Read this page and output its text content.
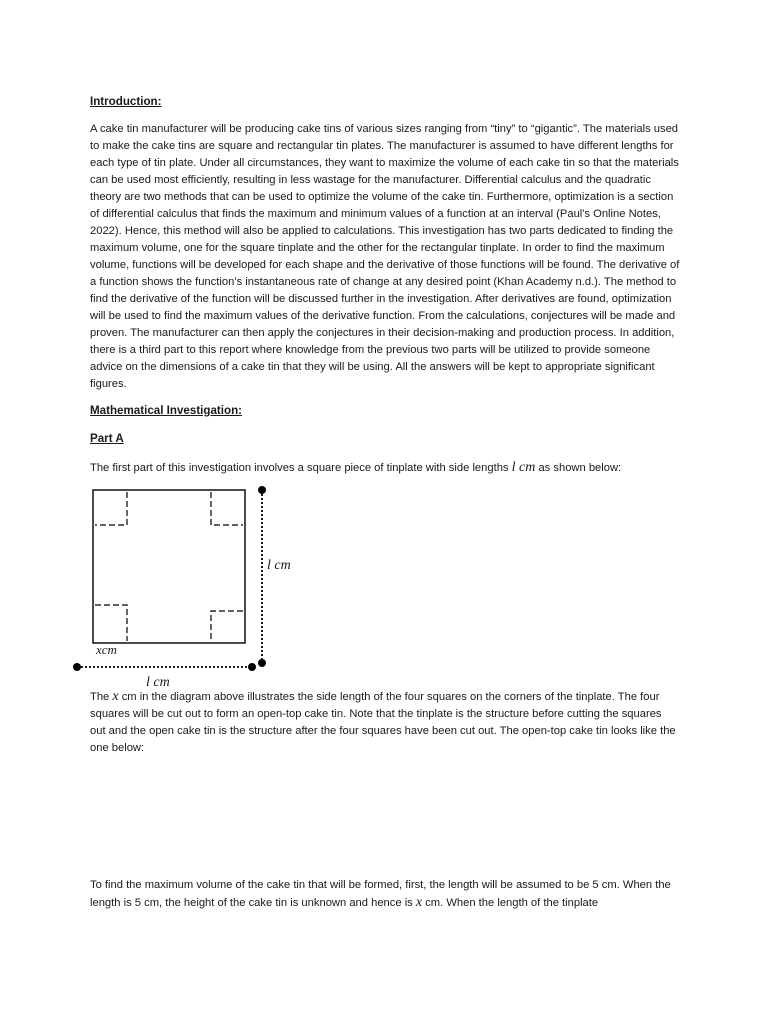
Introduction:

A cake tin manufacturer will be producing cake tins of various sizes ranging from “tiny” to “gigantic”. The materials used to make the cake tins are square and rectangular tin plates. The manufacturer is assumed to have different lengths for each type of tin plate. Under all circumstances, they want to maximize the volume of each cake tin so that the materials can be used most efficiently, resulting in less wastage for the manufacturer. Differential calculus and the quadratic theory are two methods that can be used to optimize the volume of the cake tin. Furthermore, optimization is a section of differential calculus that finds the maximum and minimum values of a function at an interval (Paul's Online Notes, 2022). Hence, this method will also be applied to calculations. This investigation has two parts dedicated to finding the maximum volume, one for the square tinplate and the other for the rectangular tinplate. In order to find the maximum volume, functions will be developed for each shape and the derivative of those functions will be found. The derivative of a function shows the function’s instantaneous rate of change at any desired point (Khan Academy n.d.). The method to find the derivative of the function will be discussed further in the investigation. After derivatives are found, optimization will be used to find the maximum values of the derivative function. From the calculations, conjectures will be made and proven. The manufacturer can then apply the conjectures in their decision-making and production process. In addition, there is a third part to this report where knowledge from the previous two parts will be utilized to provide someone advice on the dimensions of a cake tin that they will be using. All the answers will be kept to appropriate significant figures.

Mathematical Investigation:

Part A

The first part of this investigation involves a square piece of tinplate with side lengths l cm as shown below:

l cm
xcm
l cm

The x cm in the diagram above illustrates the side length of the four squares on the corners of the tinplate. The four squares will be cut out to form an open-top cake tin. Note that the tinplate is the structure before cutting the squares out and the open cake tin is the structure after the four squares have been cut out. The open-top cake tin looks like the one below:

To find the maximum volume of the cake tin that will be formed, first, the length will be assumed to be 5 cm. When the length is 5 cm, the height of the cake tin is unknown and hence is x cm. When the length of the tinplate
